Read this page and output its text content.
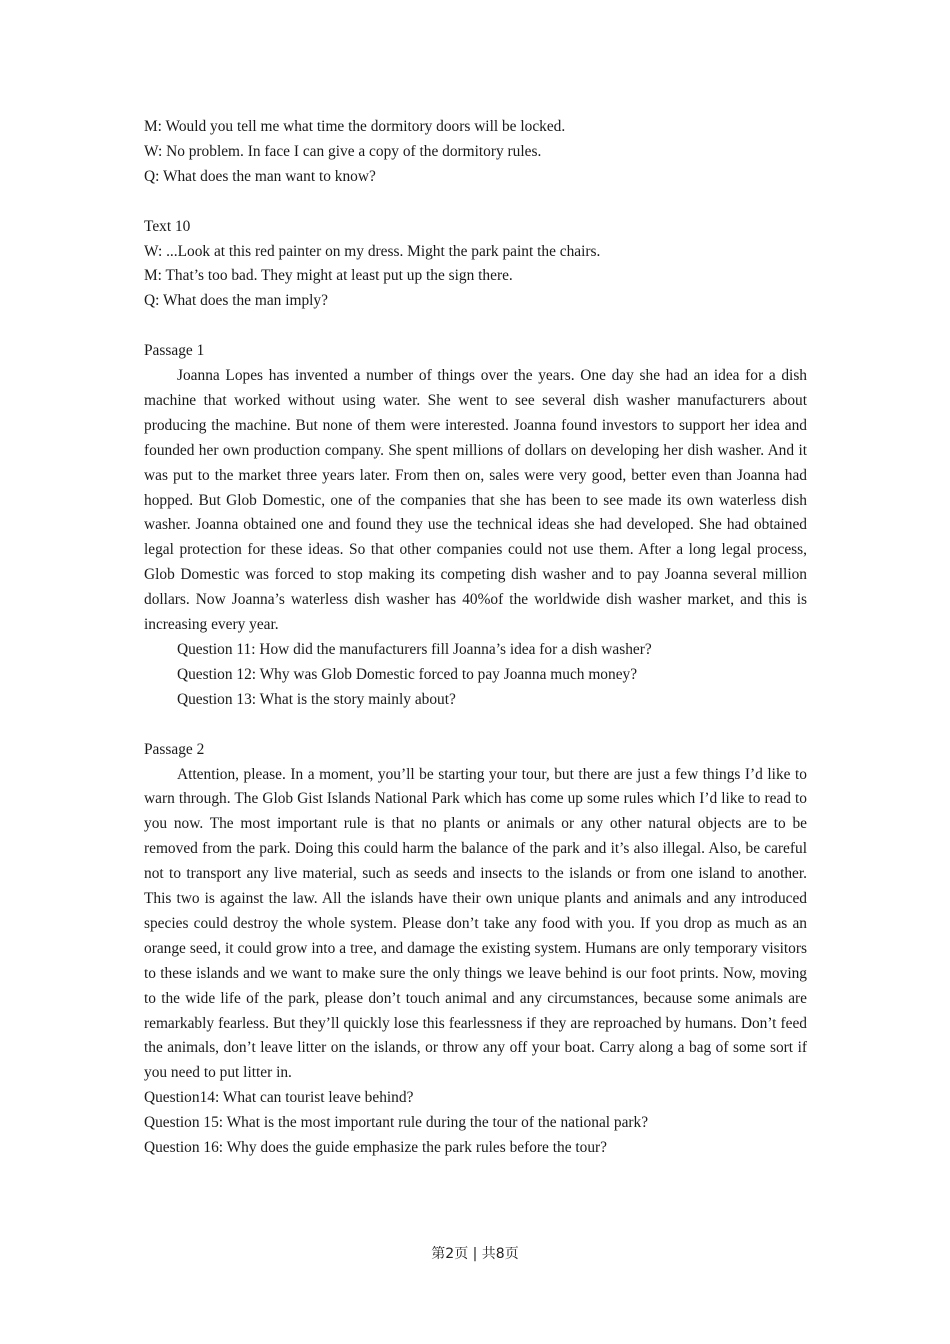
M: Would you tell me what time the dormitory doors will be locked.

W: No problem. In face I can give a copy of the dormitory rules.

Q: What does the man want to know?

Text 10

W: ...Look at this red painter on my dress. Might the park paint the chairs.

M: That’s too bad. They might at least put up the sign there.

Q: What does the man imply?

Passage 1

Joanna Lopes has invented a number of things over the years. One day she had an idea for a dish machine that worked without using water. She went to see several dish washer manufacturers about producing the machine. But none of them were interested. Joanna found investors to support her idea and founded her own production company. She spent millions of dollars on developing her dish washer. And it was put to the market three years later. From then on, sales were very good, better even than Joanna had hopped. But Glob Domestic, one of the companies that she has been to see made its own waterless dish washer. Joanna obtained one and found they use the technical ideas she had developed. She had obtained legal protection for these ideas. So that other companies could not use them. After a long legal process, Glob Domestic was forced to stop making its competing dish washer and to pay Joanna several million dollars. Now Joanna’s waterless dish washer has 40%of the worldwide dish washer market, and this is increasing every year.

Question 11: How did the manufacturers fill Joanna’s idea for a dish washer?

Question 12: Why was Glob Domestic forced to pay Joanna much money?

Question 13: What is the story mainly about?

Passage 2

Attention, please. In a moment, you’ll be starting your tour, but there are just a few things I’d like to warn through. The Glob Gist Islands National Park which has come up some rules which I’d like to read to you now. The most important rule is that no plants or animals or any other natural objects are to be removed from the park. Doing this could harm the balance of the park and it’s also illegal. Also, be careful not to transport any live material, such as seeds and insects to the islands or from one island to another. This two is against the law. All the islands have their own unique plants and animals and any introduced species could destroy the whole system. Please don’t take any food with you. If you drop as much as an orange seed, it could grow into a tree, and damage the existing system. Humans are only temporary visitors to these islands and we want to make sure the only things we leave behind is our foot prints. Now, moving to the wide life of the park, please don’t touch animal and any circumstances, because some animals are remarkably fearless. But they’ll quickly lose this fearlessness if they are reproached by humans. Don’t feed the animals, don’t leave litter on the islands, or throw any off your boat. Carry along a bag of some sort if you need to put litter in.

Question14: What can tourist leave behind?

Question 15: What is the most important rule during the tour of the national park?

Question 16: Why does the guide emphasize the park rules before the tour?

第2页 | 共8页
